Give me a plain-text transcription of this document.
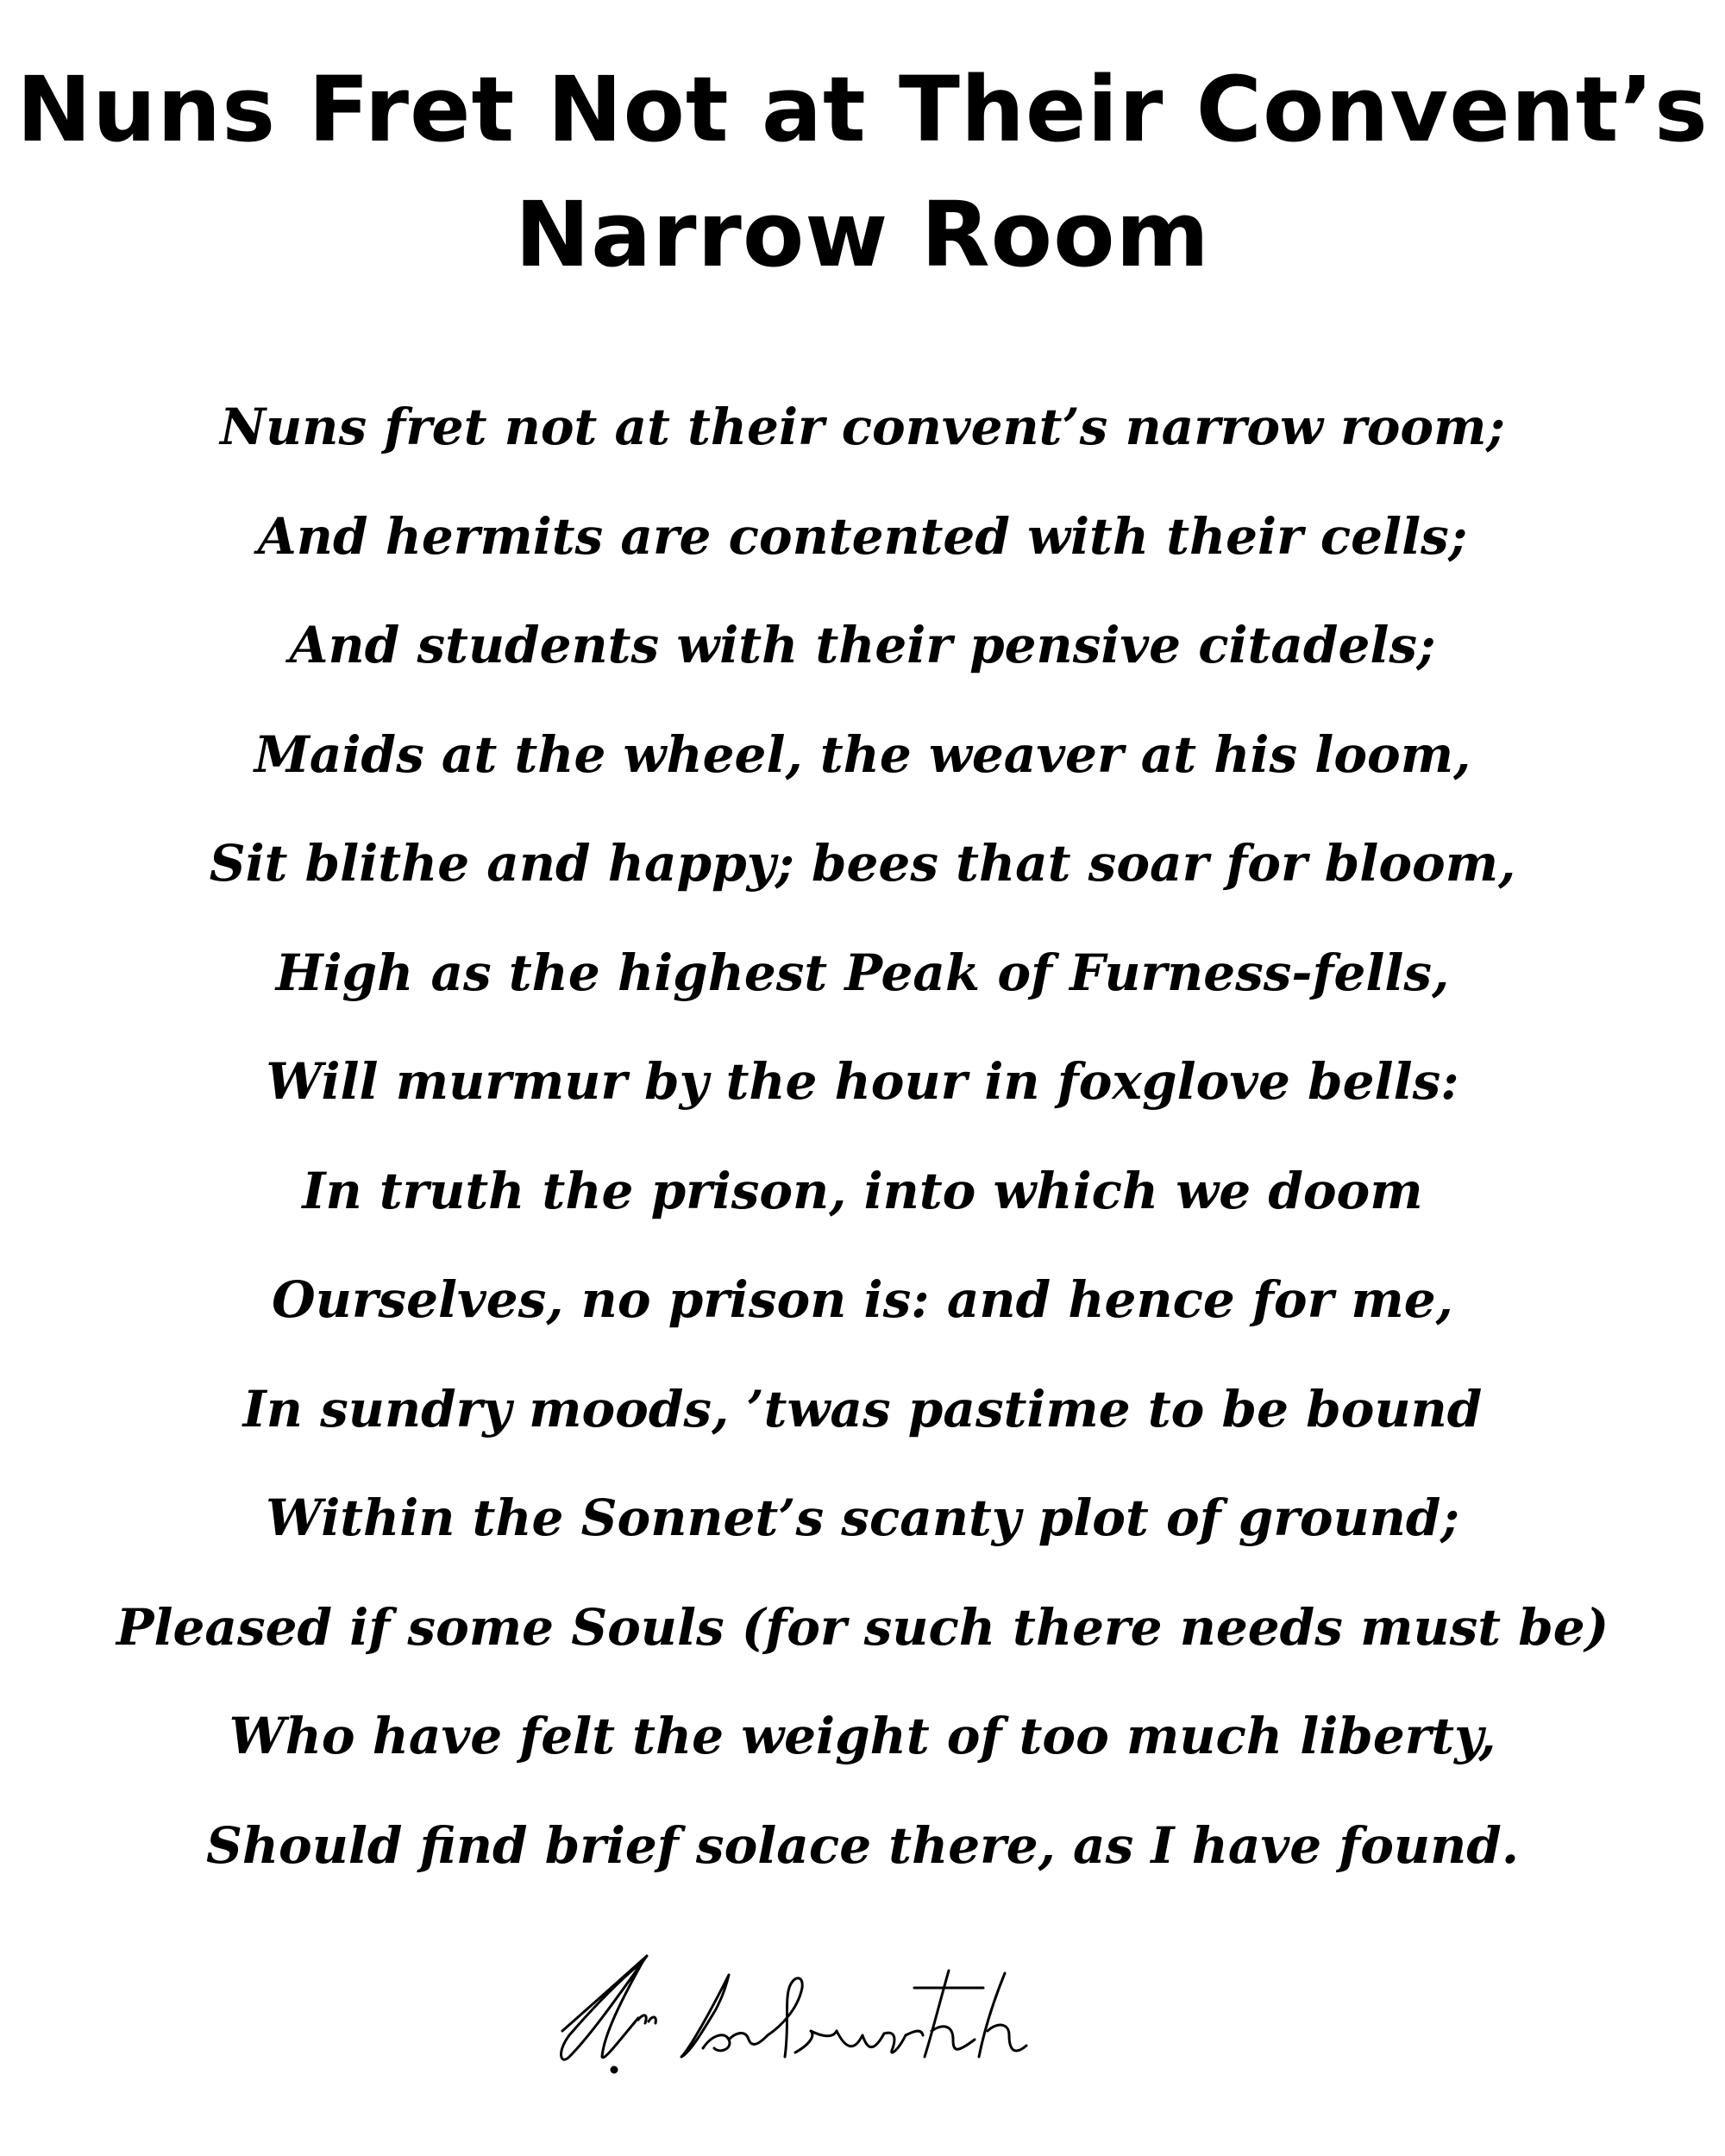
Nuns Fret Not at Their Convent’s
Narrow Room
Nuns fret not at their convent’s narrow room;
And hermits are contented with their cells;
And students with their pensive citadels;
Maids at the wheel, the weaver at his loom,
Sit blithe and happy; bees that soar for bloom,
High as the highest Peak of Furness-fells,
Will murmur by the hour in foxglove bells:
In truth the prison, into which we doom
Ourselves, no prison is: and hence for me,
In sundry moods, ’twas pastime to be bound
Within the Sonnet’s scanty plot of ground;
Pleased if some Souls (for such there needs must be)
Who have felt the weight of too much liberty,
Should find brief solace there, as I have found.
